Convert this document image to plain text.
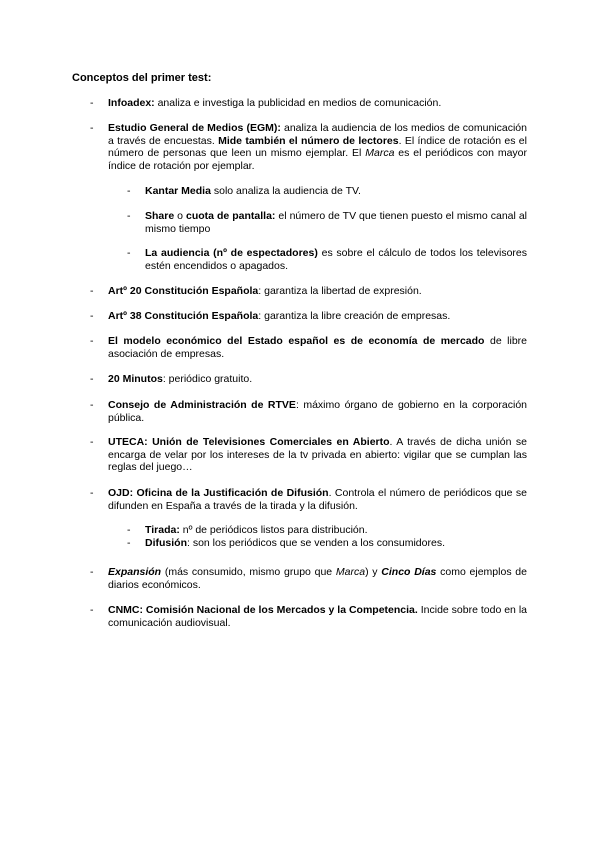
Conceptos del primer test:
- Infoadex: analiza e investiga la publicidad en medios de comunicación.
- Estudio General de Medios (EGM): analiza la audiencia de los medios de comunicación a través de encuestas. Mide también el número de lectores. El índice de rotación es el número de personas que leen un mismo ejemplar. El Marca es el periódicos con mayor índice de rotación por ejemplar.
- Kantar Media solo analiza la audiencia de TV.
- Share o cuota de pantalla: el número de TV que tienen puesto el mismo canal al mismo tiempo
- La audiencia (nº de espectadores) es sobre el cálculo de todos los televisores estén encendidos o apagados.
- Artº 20 Constitución Española: garantiza la libertad de expresión.
- Artº 38 Constitución Española: garantiza la libre creación de empresas.
- El modelo económico del Estado español es de economía de mercado de libre asociación de empresas.
- 20 Minutos: periódico gratuito.
- Consejo de Administración de RTVE: máximo órgano de gobierno en la corporación pública.
- UTECA: Unión de Televisiones Comerciales en Abierto. A través de dicha unión se encarga de velar por los intereses de la tv privada en abierto: vigilar que se cumplan las reglas del juego…
- OJD: Oficina de la Justificación de Difusión. Controla el número de periódicos que se difunden en España a través de la tirada y la difusión.
- Tirada: nº de periódicos listos para distribución.
- Difusión: son los periódicos que se venden a los consumidores.
- Expansión (más consumido, mismo grupo que Marca) y Cinco Días como ejemplos de diarios económicos.
- CNMC: Comisión Nacional de los Mercados y la Competencia. Incide sobre todo en la comunicación audiovisual.
